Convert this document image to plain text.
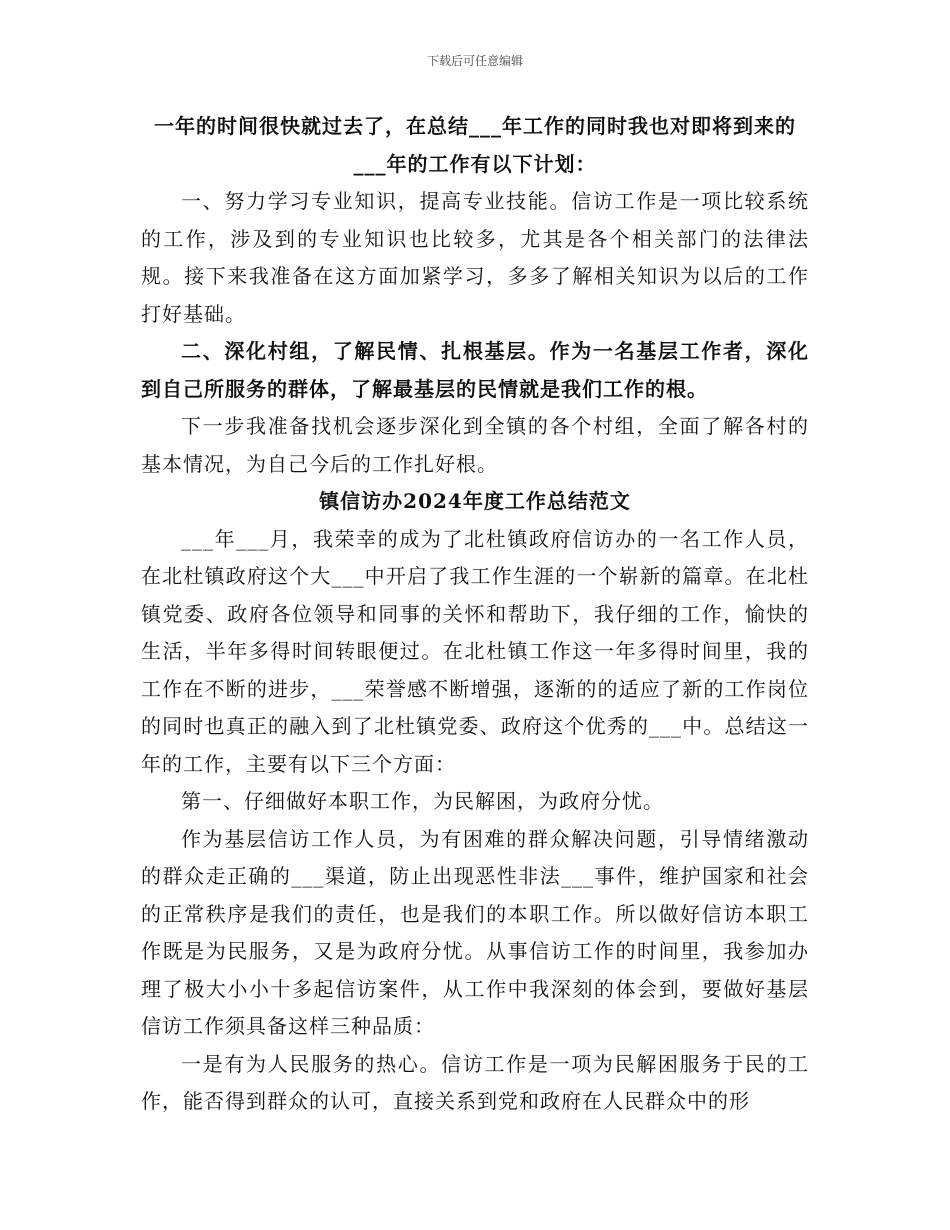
下载后可任意编辑

一年的时间很快就过去了，在总结___年工作的同时我也对即将到来的___年的工作有以下计划：

一、努力学习专业知识，提高专业技能。信访工作是一项比较系统的工作，涉及到的专业知识也比较多，尤其是各个相关部门的法律法规。接下来我准备在这方面加紧学习，多多了解相关知识为以后的工作打好基础。

二、深化村组，了解民情、扎根基层。作为一名基层工作者，深化到自己所服务的群体，了解最基层的民情就是我们工作的根。

下一步我准备找机会逐步深化到全镇的各个村组，全面了解各村的基本情况，为自己今后的工作扎好根。

镇信访办2024年度工作总结范文

___年___月，我荣幸的成为了北杜镇政府信访办的一名工作人员，在北杜镇政府这个大___中开启了我工作生涯的一个崭新的篇章。在北杜镇党委、政府各位领导和同事的关怀和帮助下，我仔细的工作，愉快的生活，半年多得时间转眼便过。在北杜镇工作这一年多得时间里，我的工作在不断的进步，___荣誉感不断增强，逐渐的的适应了新的工作岗位的同时也真正的融入到了北杜镇党委、政府这个优秀的___中。总结这一年的工作，主要有以下三个方面：

第一、仔细做好本职工作，为民解困，为政府分忧。

作为基层信访工作人员，为有困难的群众解决问题，引导情绪激动的群众走正确的___渠道，防止出现恶性非法___事件，维护国家和社会的正常秩序是我们的责任，也是我们的本职工作。所以做好信访本职工作既是为民服务，又是为政府分忧。从事信访工作的时间里，我参加办理了极大小小十多起信访案件，从工作中我深刻的体会到，要做好基层信访工作须具备这样三种品质：

一是有为人民服务的热心。信访工作是一项为民解困服务于民的工作，能否得到群众的认可，直接关系到党和政府在人民群众中的形
